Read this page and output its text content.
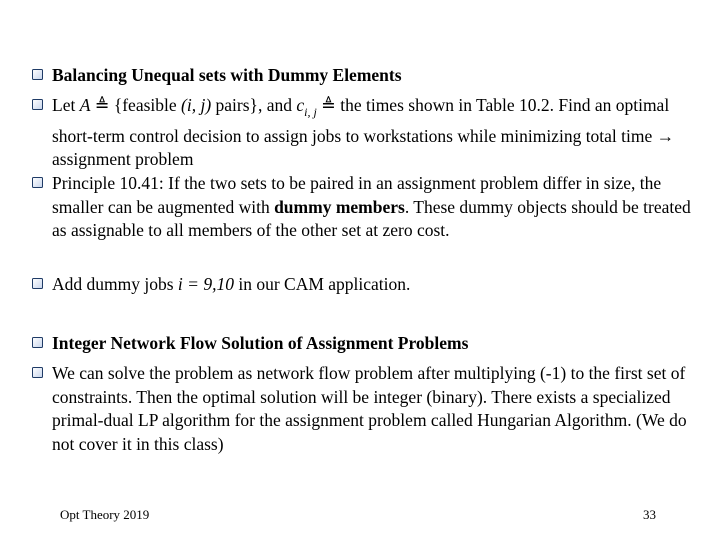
Balancing Unequal sets with Dummy Elements
Let A ≜ {feasible (i, j) pairs}, and $c_{i, j}$ ≜ the times shown in Table 10.2. Find an optimal short-term control decision to assign jobs to workstations while minimizing total time → assignment problem
Principle 10.41: If the two sets to be paired in an assignment problem differ in size, the smaller can be augmented with dummy members. These dummy objects should be treated as assignable to all members of the other set at zero cost.
Add dummy jobs i = 9,10 in our CAM application.
Integer Network Flow Solution of Assignment Problems
We can solve the problem as network flow problem after multiplying (-1) to the first set of constraints. Then the optimal solution will be integer (binary). There exists a specialized primal-dual LP algorithm for the assignment problem called Hungarian Algorithm. (We do not cover it in this class)
Opt Theory 2019	33
